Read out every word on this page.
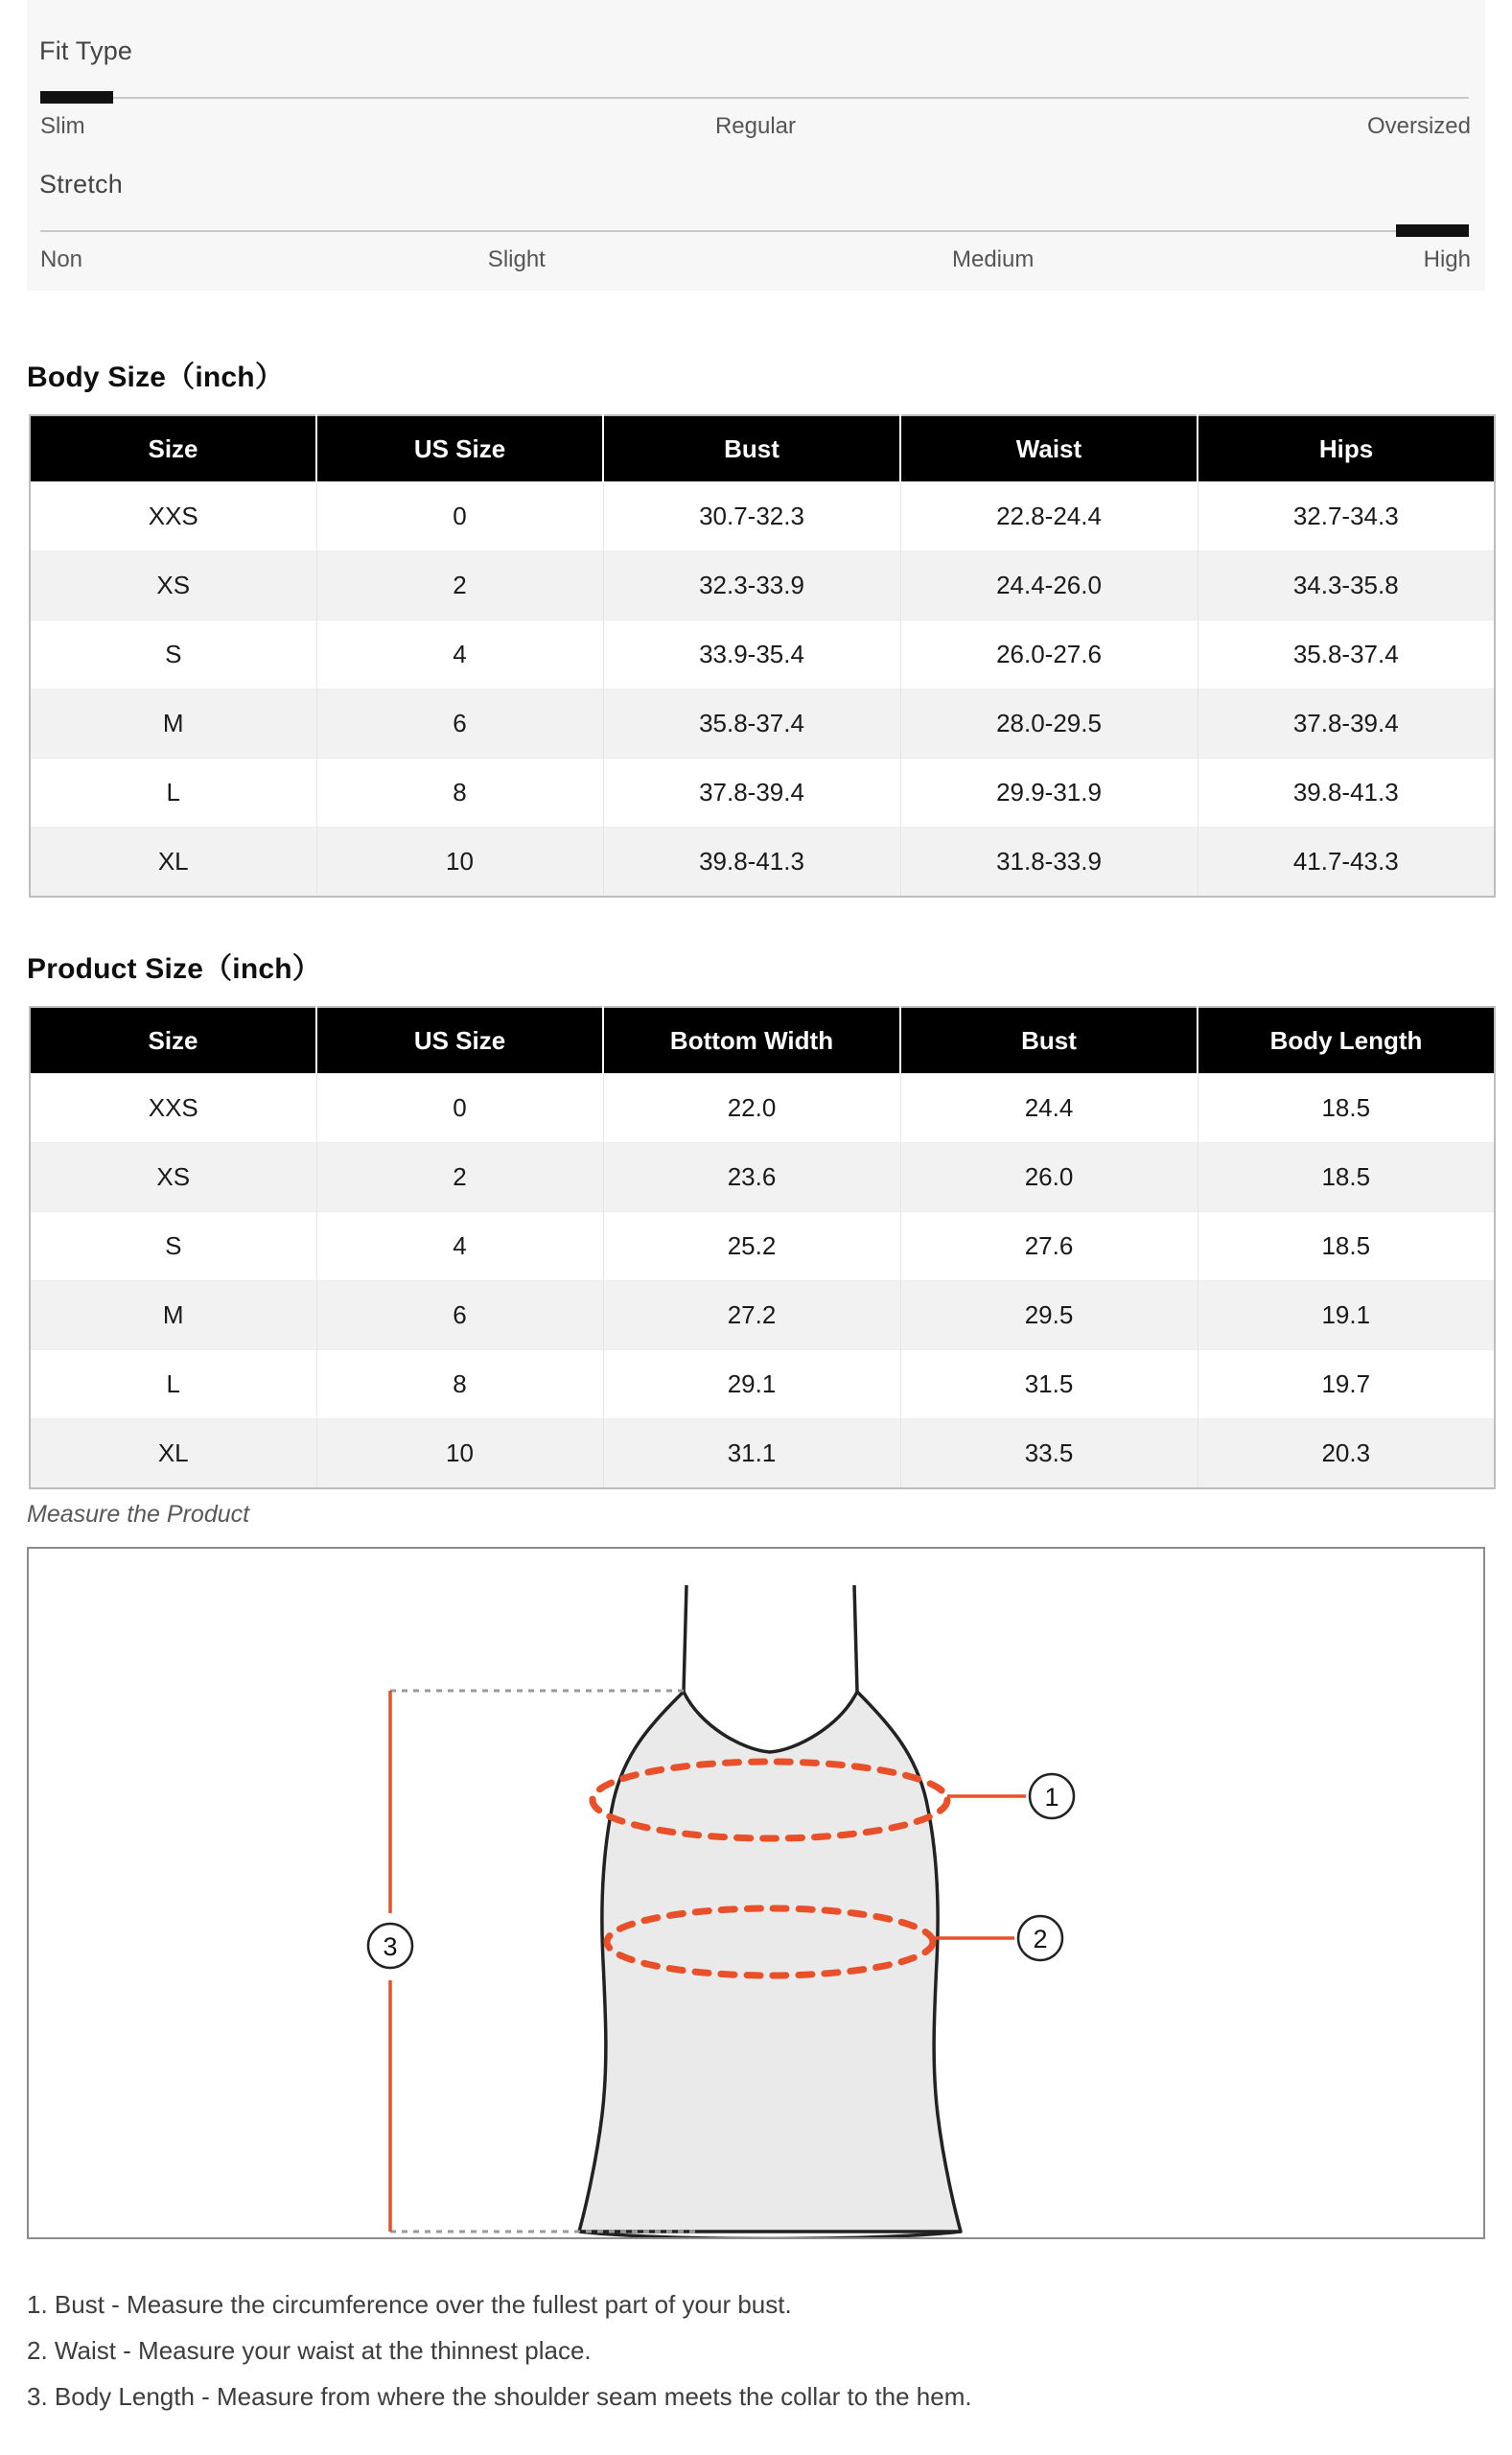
Fit Type
Slim	Regular	Oversized
Stretch
Non	Slight	Medium	High
Body Size（inch）
Size	US Size	Bust	Waist	Hips
XXS	0	30.7-32.3	22.8-24.4	32.7-34.3
XS	2	32.3-33.9	24.4-26.0	34.3-35.8
S	4	33.9-35.4	26.0-27.6	35.8-37.4
M	6	35.8-37.4	28.0-29.5	37.8-39.4
L	8	37.8-39.4	29.9-31.9	39.8-41.3
XL	10	39.8-41.3	31.8-33.9	41.7-43.3
Product Size（inch）
Size	US Size	Bottom Width	Bust	Body Length
XXS	0	22.0	24.4	18.5
XS	2	23.6	26.0	18.5
S	4	25.2	27.6	18.5
M	6	27.2	29.5	19.1
L	8	29.1	31.5	19.7
XL	10	31.1	33.5	20.3
Measure the Product
1
2
3
1. Bust - Measure the circumference over the fullest part of your bust.
2. Waist - Measure your waist at the thinnest place.
3. Body Length - Measure from where the shoulder seam meets the collar to the hem.
